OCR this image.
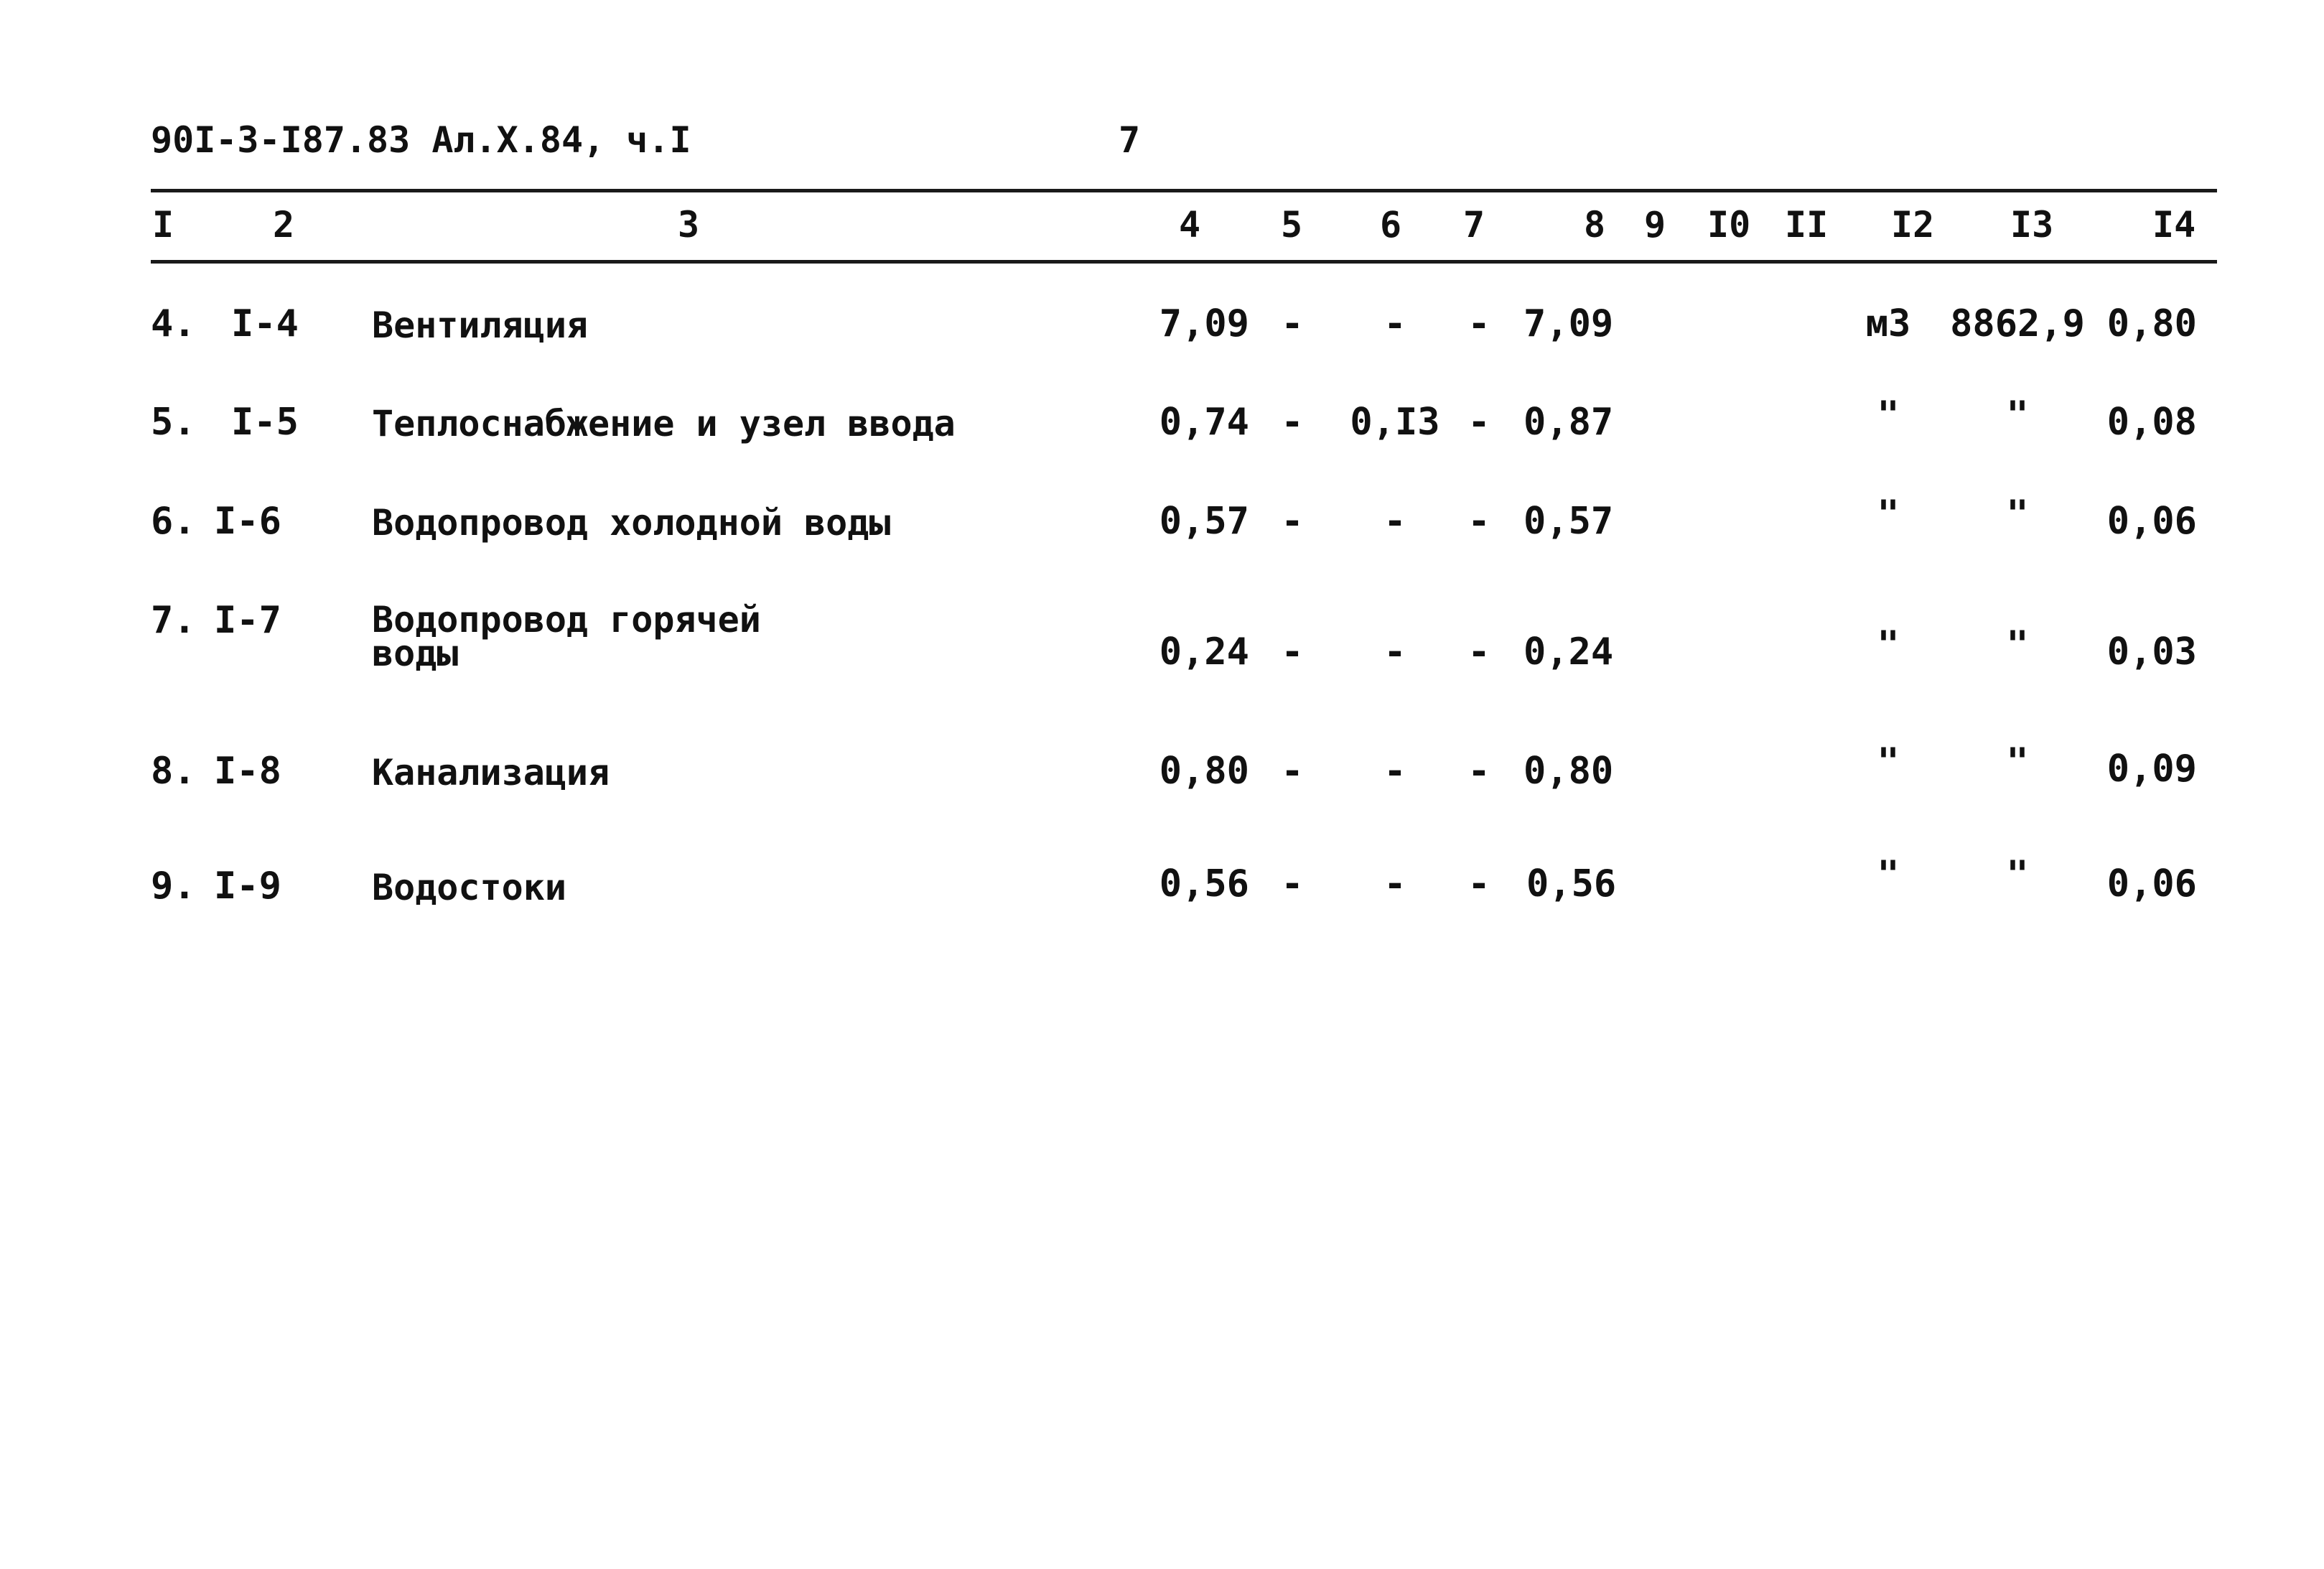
90I-3-I87.83 Ал.X.84, ч.I	7
I	2	3	4 5 6 7	8 9 I0 II I2 I3	I4
4. I-4 Вентиляция	7,09 -	-	- 7,09	м3	8862,9 0,80
5. I-5 Теплоснабжение и узел ввода	0,74 - 0,I3 - 0,87	"	"	0,08
6. I-6	Водопровод холодной воды	0,57 -	-	- 0,57	"	"	0,06
7. I-7	Водопровод горячей
воды	0,24 -	-	- 0,24	"	"	0,03
8. I-8	Канализация	0,80 -	-	- 0,80	"	"	0,09
9. I-9	Водостоки	0,56 -	-	- 0,56	"	"	0,06
